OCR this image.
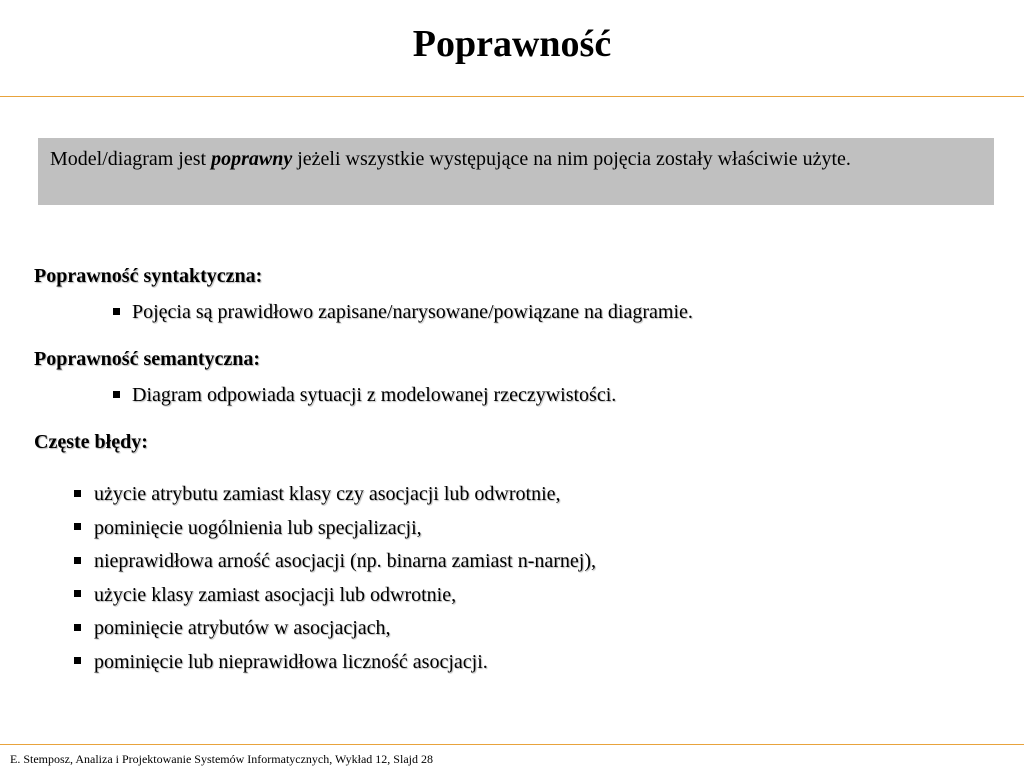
Poprawność
Model/diagram jest poprawny jeżeli wszystkie występujące na nim pojęcia zostały właściwie użyte.
Poprawność syntaktyczna:
Pojęcia są prawidłowo zapisane/narysowane/powiązane na diagramie.
Poprawność semantyczna:
Diagram odpowiada sytuacji z modelowanej rzeczywistości.
Częste błędy:
użycie atrybutu zamiast klasy czy asocjacji lub odwrotnie,
pominięcie uogólnienia lub specjalizacji,
nieprawidłowa arność asocjacji (np. binarna zamiast n-narnej),
użycie klasy zamiast asocjacji lub odwrotnie,
pominięcie atrybutów w asocjacjach,
pominięcie lub nieprawidłowa liczność asocjacji.
E. Stemposz, Analiza i Projektowanie Systemów Informatycznych, Wykład 12, Slajd 28
